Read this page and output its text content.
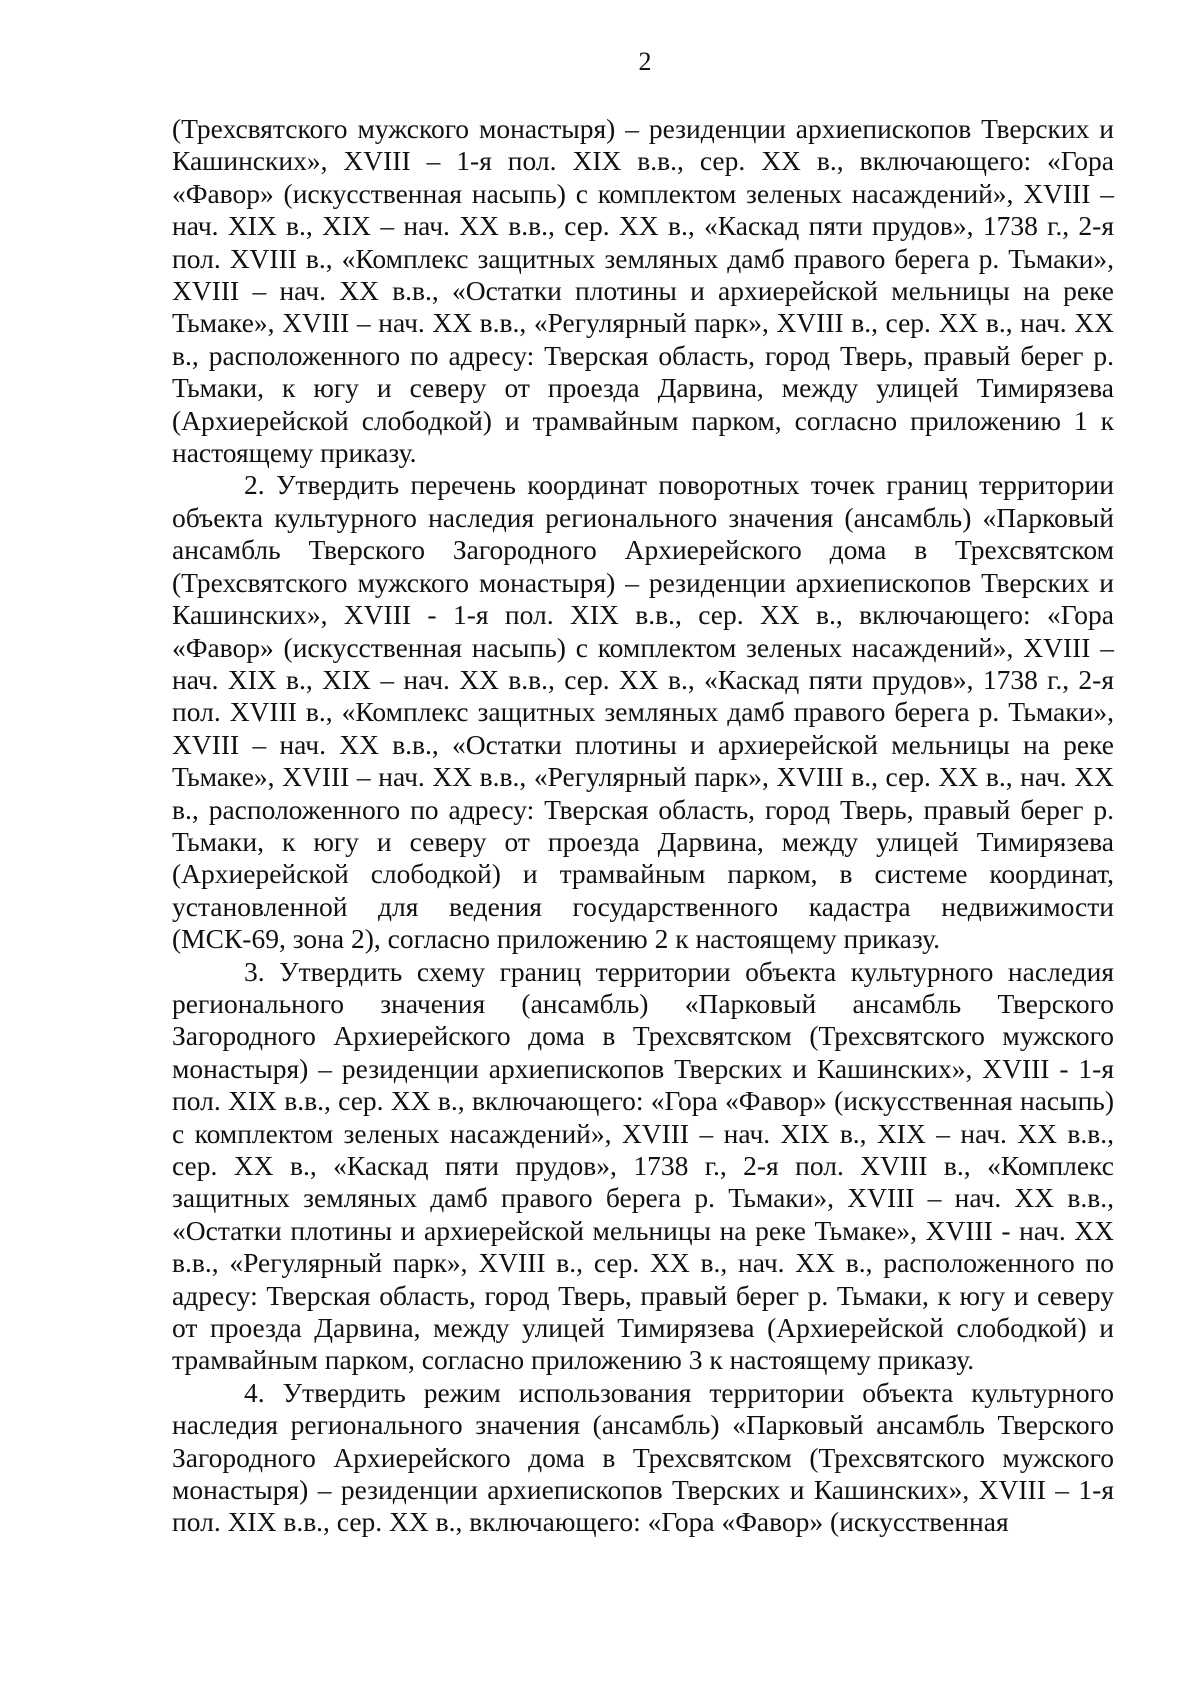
2

(Трехсвятского мужского монастыря) – резиденции архиепископов Тверских и Кашинских», XVIII – 1-я пол. XIX в.в., сер. XX в., включающего: «Гора «Фавор» (искусственная насыпь) с комплектом зеленых насаждений», XVIII – нач. XIX в., XIX – нач. XX в.в., сер. XX в., «Каскад пяти прудов», 1738 г., 2-я пол. XVIII в., «Комплекс защитных земляных дамб правого берега р. Тьмаки», XVIII – нач. XX в.в., «Остатки плотины и архиерейской мельницы на реке Тьмаке», XVIII – нач. XX в.в., «Регулярный парк», XVIII в., сер. XX в., нач. XX в., расположенного по адресу: Тверская область, город Тверь, правый берег р. Тьмаки, к югу и северу от проезда Дарвина, между улицей Тимирязева (Архиерейской слободкой) и трамвайным парком, согласно приложению 1 к настоящему приказу.

2. Утвердить перечень координат поворотных точек границ территории объекта культурного наследия регионального значения (ансамбль) «Парковый ансамбль Тверского Загородного Архиерейского дома в Трехсвятском (Трехсвятского мужского монастыря) – резиденции архиепископов Тверских и Кашинских», XVIII - 1-я пол. XIX в.в., сер. XX в., включающего: «Гора «Фавор» (искусственная насыпь) с комплектом зеленых насаждений», XVIII – нач. XIX в., XIX – нач. XX в.в., сер. XX в., «Каскад пяти прудов», 1738 г., 2-я пол. XVIII в., «Комплекс защитных земляных дамб правого берега р. Тьмаки», XVIII – нач. XX в.в., «Остатки плотины и архиерейской мельницы на реке Тьмаке», XVIII – нач. XX в.в., «Регулярный парк», XVIII в., сер. XX в., нач. XX в., расположенного по адресу: Тверская область, город Тверь, правый берег р. Тьмаки, к югу и северу от проезда Дарвина, между улицей Тимирязева (Архиерейской слободкой) и трамвайным парком, в системе координат, установленной для ведения государственного кадастра недвижимости (МСК-69, зона 2), согласно приложению 2 к настоящему приказу.

3. Утвердить схему границ территории объекта культурного наследия регионального значения (ансамбль) «Парковый ансамбль Тверского Загородного Архиерейского дома в Трехсвятском (Трехсвятского мужского монастыря) – резиденции архиепископов Тверских и Кашинских», XVIII - 1-я пол. XIX в.в., сер. XX в., включающего: «Гора «Фавор» (искусственная насыпь) с комплектом зеленых насаждений», XVIII – нач. XIX в., XIX – нач. XX в.в., сер. XX в., «Каскад пяти прудов», 1738 г., 2-я пол. XVIII в., «Комплекс защитных земляных дамб правого берега р. Тьмаки», XVIII – нач. XX в.в., «Остатки плотины и архиерейской мельницы на реке Тьмаке», XVIII - нач. XX в.в., «Регулярный парк», XVIII в., сер. XX в., нач. XX в., расположенного по адресу: Тверская область, город Тверь, правый берег р. Тьмаки, к югу и северу от проезда Дарвина, между улицей Тимирязева (Архиерейской слободкой) и трамвайным парком, согласно приложению 3 к настоящему приказу.

4. Утвердить режим использования территории объекта культурного наследия регионального значения (ансамбль) «Парковый ансамбль Тверского Загородного Архиерейского дома в Трехсвятском (Трехсвятского мужского монастыря) – резиденции архиепископов Тверских и Кашинских», XVIII – 1-я пол. XIX в.в., сер. XX в., включающего: «Гора «Фавор» (искусственная
